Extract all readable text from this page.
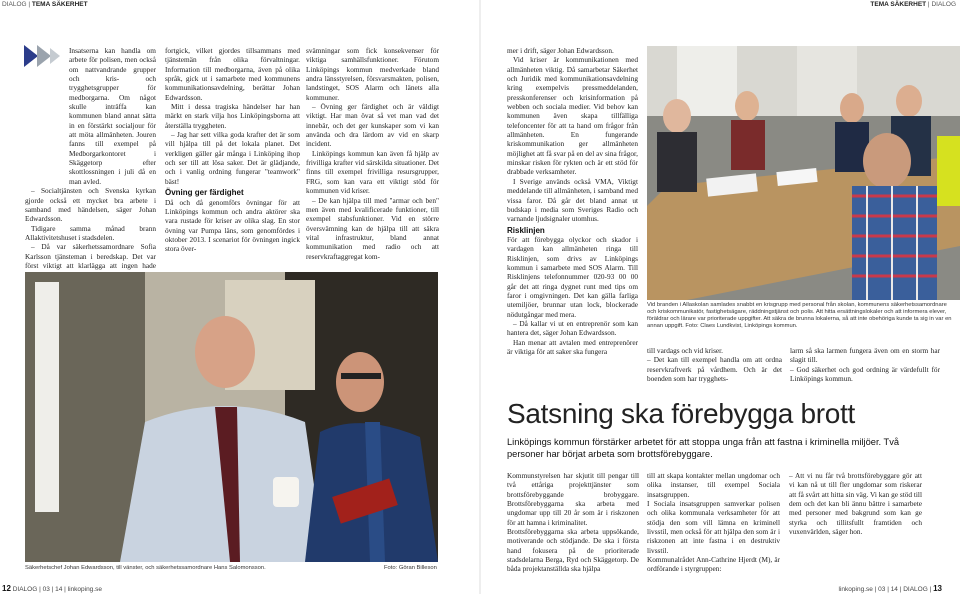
DIALOG | TEMA SÄKERHET	TEMA SÄKERHET | DIALOG

Insatserna kan handla om arbete för polisen, men också om nattvandrande grupper och kris- och trygghetsgrupper för medborgarna. Om något skulle inträffa kan kommunen bland annat sätta in en förstärkt socialjour för att möta allmänheten. Jouren fanns till exempel på Medborgarkontoret i Skäggetorp efter skottlossningen i juli då en man avled.

– Socialtjänsten och Svenska kyrkan gjorde också ett mycket bra arbete i samband med händelsen, säger Johan Edwardsson.

Tidigare samma månad brann Allaktivitetshuset i stadsdelen.

– Då var säkerhetssamordnare Sofia Karlsson tjänsteman i beredskap. Det var först viktigt att klarlägga att ingen hade

fortgick, vilket gjordes tillsammans med tjänstemän från olika förvaltningar. Information till medborgarna, även på olika språk, gick ut i samarbete med kommunens kommunikationsavdelning, berättar Johan Edwardsson.

Mitt i dessa tragiska händelser har han märkt en stark vilja hos Linköpingsborna att återställa tryggheten.

– Jag har sett vilka goda krafter det är som vill hjälpa till på det lokala planet. Det verkligen gäller går många i Linköping ihop och ser till att lösa saker. Det är glädjande, och i vanlig ordning fungerar "teamwork" bäst!

Övning ger färdighet

Då och då genomförs övningar för att Linköpings kommun och andra aktörer ska vara rustade för kriser av olika slag. En stor övning var Pumpa läns, som genomfördes i oktober 2013. I scenariot för övningen ingick stora över-

svämningar som fick konsekvenser för viktiga samhällsfunktioner. Förutom Linköpings kommun medverkade bland andra länsstyrelsen, försvarsmakten, polisen, landstinget, SOS Alarm och länets alla kommuner.

– Övning ger färdighet och är väldigt viktigt. Har man övat så vet man vad det innebär, och det ger kunskaper som vi kan använda och dra lärdom av vid en skarp incident.

Linköpings kommun kan även få hjälp av frivilliga krafter vid särskilda situationer. Det finns till exempel frivilliga resursgrupper, FRG, som kan vara ett viktigt stöd för kommunen vid kriser.

– De kan hjälpa till med "armar och ben" men även med kvalificerade funktioner, till exempel stabsfunktioner. Vid en större översvämning kan de hjälpa till att säkra vital infrastruktur, bland annat kommunikation med radio och att reservkraftaggregat kom-

Säkerhetschef Johan Edwardsson, till vänster, och säkerhetssamordnare Hans Salomonsson.	Foto: Göran Billeson

mer i drift, säger Johan Edwardsson.

Vid kriser är kommunikationen med allmänheten viktig. Då samarbetar Säkerhet och Juridik med kommunikationsavdelning kring exempelvis pressmeddelanden, presskonferenser och krisinformation på webben och sociala medier. Vid behov kan kommunen även skapa tillfälliga telefoncenter för att ta hand om frågor från allmänheten. En fungerande kriskommunikation ger allmänheten möjlighet att få svar på en del av sina frågor, minskar risken för rykten och är ett stöd för drabbade verksamheter.

I Sverige används också VMA, Viktigt meddelande till allmänheten, i samband med vissa faror. Då går det bland annat ut budskap i media som Sveriges Radio och varnande ljudsignaler utomhus.

Risklinjen

För att förebygga olyckor och skador i vardagen kan allmänheten ringa till Risklinjen, som drivs av Linköpings kommun i samarbete med SOS Alarm. Till Risklinjens telefonnummer 020-93 00 00 går det att ringa dygnet runt med tips om faror i omgivningen. Det kan gälla farliga utemiljöer, brunnar utan lock, blockerade nödutgångar med mera.

– Då kallar vi ut en entreprenör som kan hantera det, säger Johan Edwardsson.

Han menar att avtalen med entreprenörer är viktiga för att saker ska fungera

Vid branden i Allaskolan samlades snabbt en krisgrupp med personal från skolan, kommunens säkerhetssamordnare och kriskommunikatör, fastighetsägare, räddningstjänst och polis. Att hitta ersättningslokaler och att informera elever, föräldrar och lärare var prioriterade uppgifter. Att säkra de brunna lokalerna, så att inte obehöriga kunde ta sig in var en annan uppgift. Foto: Claes Lundkvist, Linköpings kommun.
till vardags och vid kriser.
– Det kan till exempel handla om att ordna reservkraftverk på vårdhem. Och är det boenden som har trygghets-
larm så ska larmen fungera även om en storm har slagit till.
– God säkerhet och god ordning är värdefullt för Linköpings kommun.
Satsning ska förebygga brott
Linköpings kommun förstärker arbetet för att stoppa unga från att fastna i kriminella miljöer. Två personer har börjat arbeta som brottsförebyggare.
Kommunstyrelsen har skjutit till pengar till två ettåriga projekttjänster som brottsförebyggande brobyggare. Brottsförebyggarna ska arbeta med ungdomar upp till 20 år som är i riskzonen för att hamna i kriminalitet.
Brottsförebyggarna ska arbeta uppsökande, motiverande och stödjande. De ska i första hand fokusera på de prioriterade stadsdelarna Berga, Ryd och Skäggetorp. De båda projektanställda ska hjälpa
till att skapa kontakter mellan ungdomar och olika instanser, till exempel Sociala insatsgruppen.
I Sociala insatsgruppen samverkar polisen och olika kommunala verksamheter för att stödja den som vill lämna en kriminell livsstil, men också för att hjälpa den som är i riskzonen att inte fastna i en destruktiv livsstil.
Kommunalrådet Ann-Cathrine Hjerdt (M), är ordförande i styrgruppen:
– Att vi nu får två brottsförebyggare gör att vi kan nå ut till fler ungdomar som riskerar att få svårt att hitta sin väg. Vi kan ge stöd till dem och det kan bli ännu bättre i samarbete med personer med bakgrund som kan ge styrka och tillitsfullt framtiden och vuxenvärlden, säger hon.
12 DIALOG | 03 | 14 | linkoping.se	linkoping.se | 03 | 14 | DIALOG | 13
